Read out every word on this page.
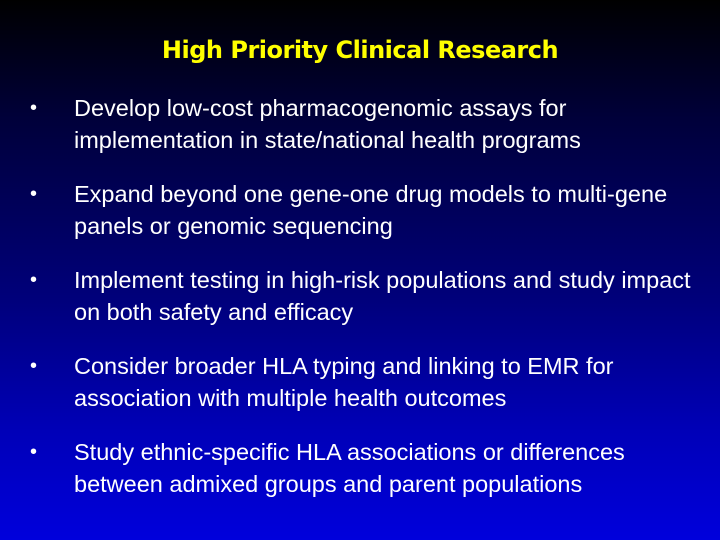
High Priority Clinical Research
•	Develop low-cost pharmacogenomic assays for implementation in state/national health programs
•	Expand beyond one gene-one drug models to multi-gene panels or genomic sequencing
•	Implement testing in high-risk populations and study impact on both safety and efficacy
•	Consider broader HLA typing and linking to EMR for association with multiple health outcomes
•	Study ethnic-specific HLA associations or differences between admixed groups and parent populations
